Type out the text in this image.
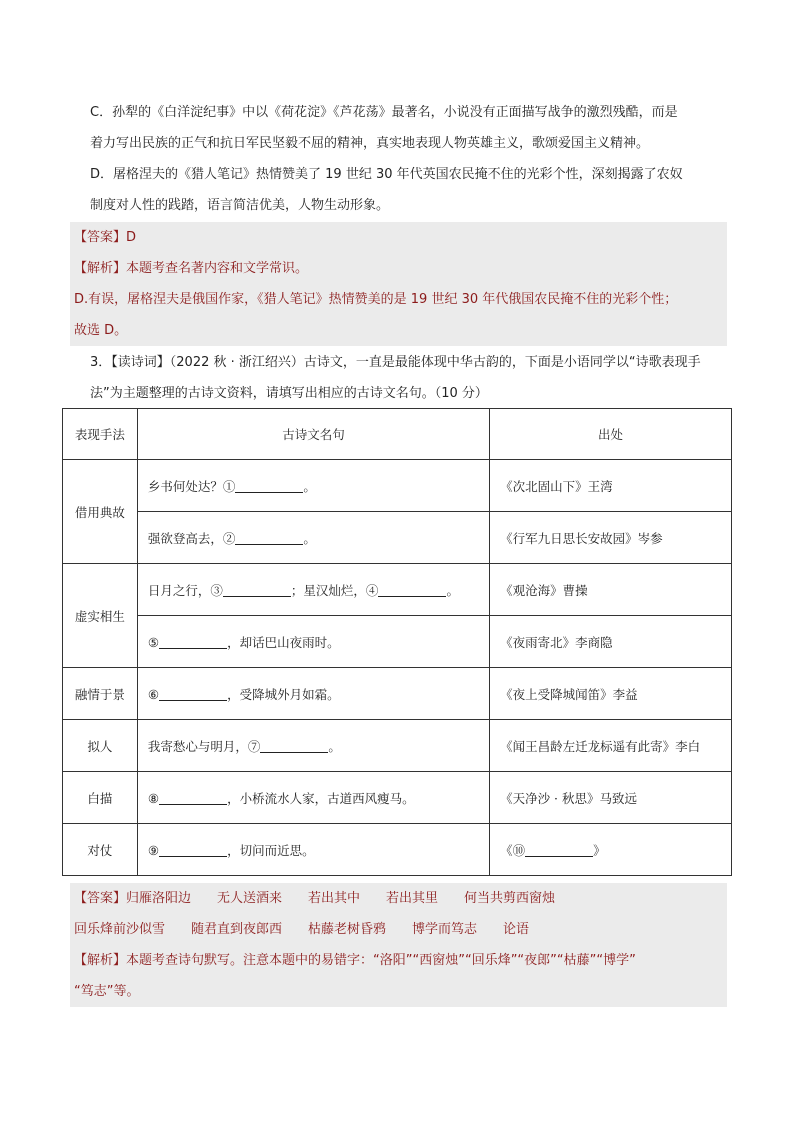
C．孙犁的《白洋淀纪事》中以《荷花淀》《芦花荡》最著名，小说没有正面描写战争的激烈残酷，而是

着力写出民族的正气和抗日军民坚毅不屈的精神，真实地表现人物英雄主义，歌颂爱国主义精神。

D．屠格涅夫的《猎人笔记》热情赞美了 19 世纪 30 年代英国农民掩不住的光彩个性，深刻揭露了农奴

制度对人性的践踏，语言简洁优美，人物生动形象。

【答案】D

【解析】本题考查名著内容和文学常识。

D.有误，屠格涅夫是俄国作家，《猎人笔记》热情赞美的是 19 世纪 30 年代俄国农民掩不住的光彩个性；

故选 D。

3．【读诗词】（2022 秋 · 浙江绍兴）古诗文，一直是最能体现中华古韵的，下面是小语同学以“诗歌表现手

法”为主题整理的古诗文资料，请填写出相应的古诗文名句。（10 分）

表现手法	古诗文名句	出处
借用典故	乡书何处达？① 。	《次北固山下》王湾
	强欲登高去，② 。	《行军九日思长安故园》岑参
虚实相生	日月之行，③ ；星汉灿烂，④ 。	《观沧海》曹操
	⑤ ，却话巴山夜雨时。	《夜雨寄北》李商隐
融情于景	⑥ ，受降城外月如霜。	《夜上受降城闻笛》李益
拟人	我寄愁心与明月，⑦ 。	《闻王昌龄左迁龙标遥有此寄》李白
白描	⑧ ，小桥流水人家，古道西风瘦马。	《天净沙 · 秋思》马致远
对仗	⑨ ，切问而近思。	《⑩ 》

【答案】归雁洛阳边　　无人送酒来　　若出其中　　若出其里　　何当共剪西窗烛

回乐烽前沙似雪　　随君直到夜郎西　　枯藤老树昏鸦　　博学而笃志　　论语

【解析】本题考查诗句默写。注意本题中的易错字：“洛阳”“西窗烛”“回乐烽”“夜郎”“枯藤”“博学”

“笃志”等。
